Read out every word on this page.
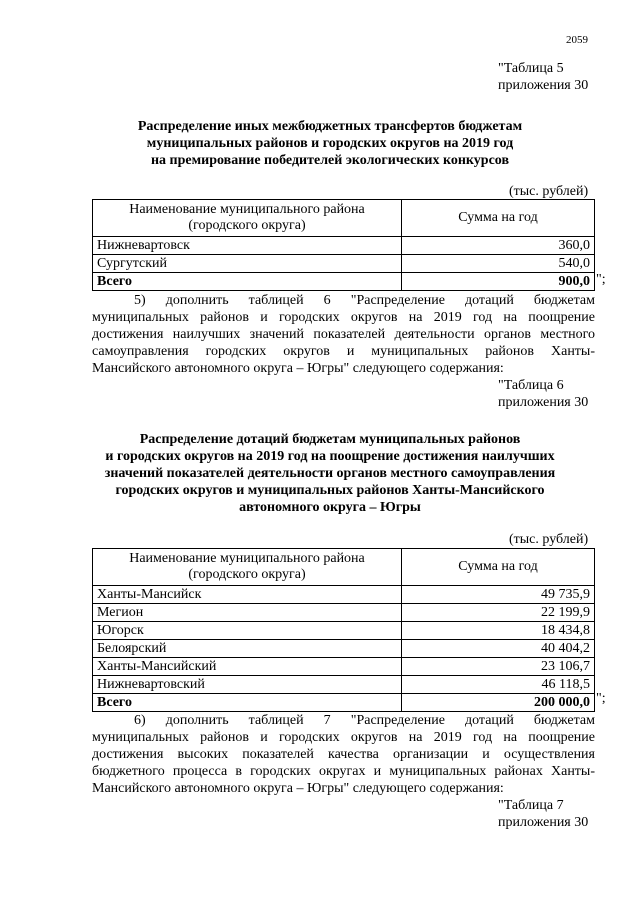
2059
"Таблица 5
приложения 30
Распределение иных межбюджетных трансфертов бюджетам
муниципальных районов и городских округов на 2019 год
на премирование победителей экологических конкурсов
(тыс. рублей)
Наименование муниципального района (городского округа)	Сумма на год
Нижневартовск	360,0
Сургутский	540,0
Всего	900,0 ";
5) дополнить таблицей 6 "Распределение дотаций бюджетам
муниципальных районов и городских округов на 2019 год на поощрение
достижения наилучших значений показателей деятельности органов местного
самоуправления городских округов и муниципальных районов Ханты-
Мансийского автономного округа – Югры" следующего содержания:
"Таблица 6
приложения 30
Распределение дотаций бюджетам муниципальных районов
и городских округов на 2019 год на поощрение достижения наилучших
значений показателей деятельности органов местного самоуправления
городских округов и муниципальных районов Ханты-Мансийского
автономного округа – Югры
(тыс. рублей)
Наименование муниципального района (городского округа)	Сумма на год
Ханты-Мансийск	49 735,9
Мегион	22 199,9
Югорск	18 434,8
Белоярский	40 404,2
Ханты-Мансийский	23 106,7
Нижневартовский	46 118,5
Всего	200 000,0 ";
6) дополнить таблицей 7 "Распределение дотаций бюджетам
муниципальных районов и городских округов на 2019 год на поощрение
достижения высоких показателей качества организации и осуществления
бюджетного процесса в городских округах и муниципальных районах Ханты-
Мансийского автономного округа – Югры" следующего содержания:
"Таблица 7
приложения 30
